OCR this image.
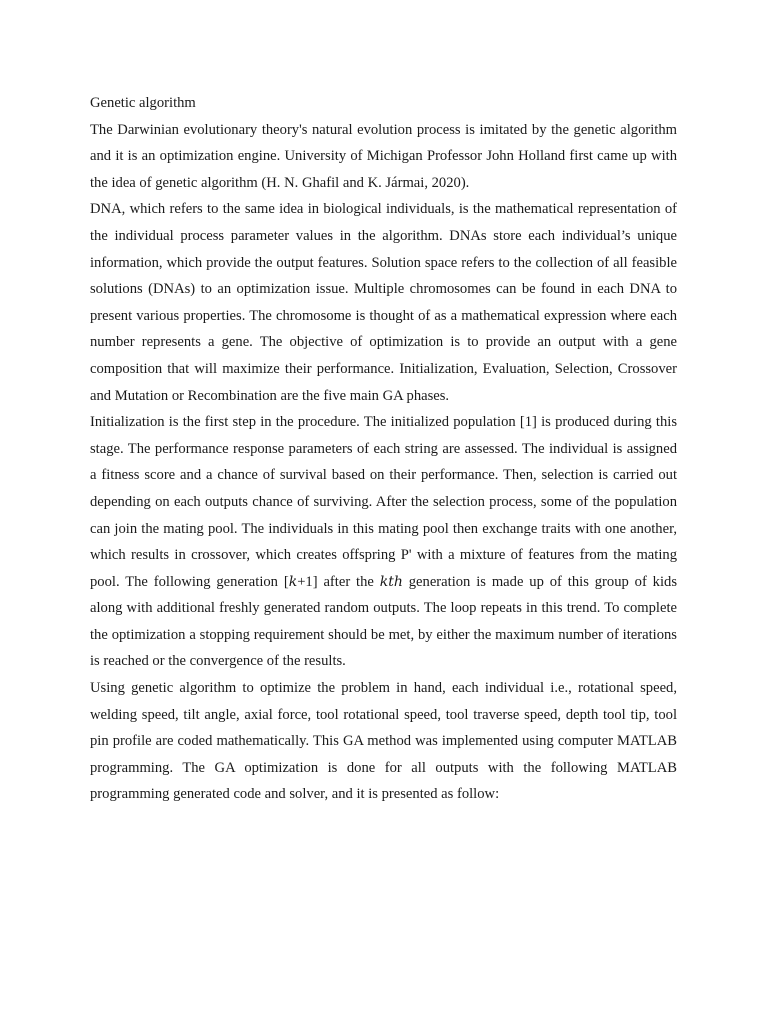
Genetic algorithm

The Darwinian evolutionary theory's natural evolution process is imitated by the genetic algorithm and it is an optimization engine. University of Michigan Professor John Holland first came up with the idea of genetic algorithm (H. N. Ghafil and K. Jármai, 2020).

DNA, which refers to the same idea in biological individuals, is the mathematical representation of the individual process parameter values in the algorithm. DNAs store each individual’s unique information, which provide the output features. Solution space refers to the collection of all feasible solutions (DNAs) to an optimization issue. Multiple chromosomes can be found in each DNA to present various properties. The chromosome is thought of as a mathematical expression where each number represents a gene. The objective of optimization is to provide an output with a gene composition that will maximize their performance. Initialization, Evaluation, Selection, Crossover and Mutation or Recombination are the five main GA phases.

Initialization is the first step in the procedure. The initialized population [1] is produced during this stage. The performance response parameters of each string are assessed. The individual is assigned a fitness score and a chance of survival based on their performance. Then, selection is carried out depending on each outputs chance of surviving. After the selection process, some of the population can join the mating pool. The individuals in this mating pool then exchange traits with one another, which results in crossover, which creates offspring P' with a mixture of features from the mating pool. The following generation [k+1] after the kth generation is made up of this group of kids along with additional freshly generated random outputs. The loop repeats in this trend. To complete the optimization a stopping requirement should be met, by either the maximum number of iterations is reached or the convergence of the results.

Using genetic algorithm to optimize the problem in hand, each individual i.e., rotational speed, welding speed, tilt angle, axial force, tool rotational speed, tool traverse speed, depth tool tip, tool pin profile are coded mathematically. This GA method was implemented using computer MATLAB programming. The GA optimization is done for all outputs with the following MATLAB programming generated code and solver, and it is presented as follow:
